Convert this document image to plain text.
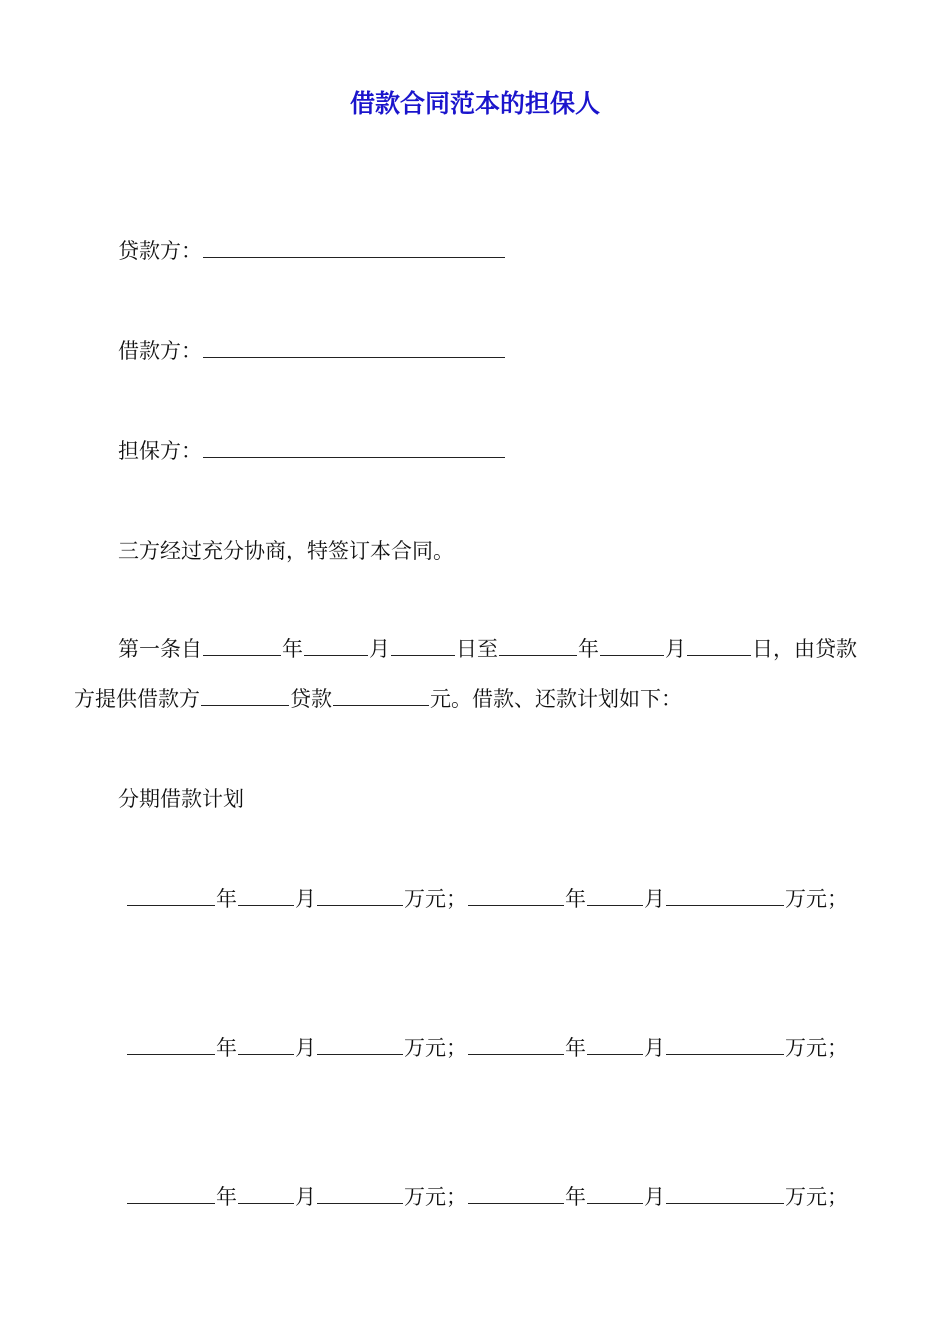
借款合同范本的担保人
贷款方：
借款方：
担保方：
三方经过充分协商，特签订本合同。
第一条自	年	月	日至	年	月	日，由贷款
方提供借款方	贷款	元。借款、还款计划如下：
分期借款计划
年	月	万元；	年	月	万元；
年	月	万元；	年	月	万元；
年	月	万元；	年	月	万元；
